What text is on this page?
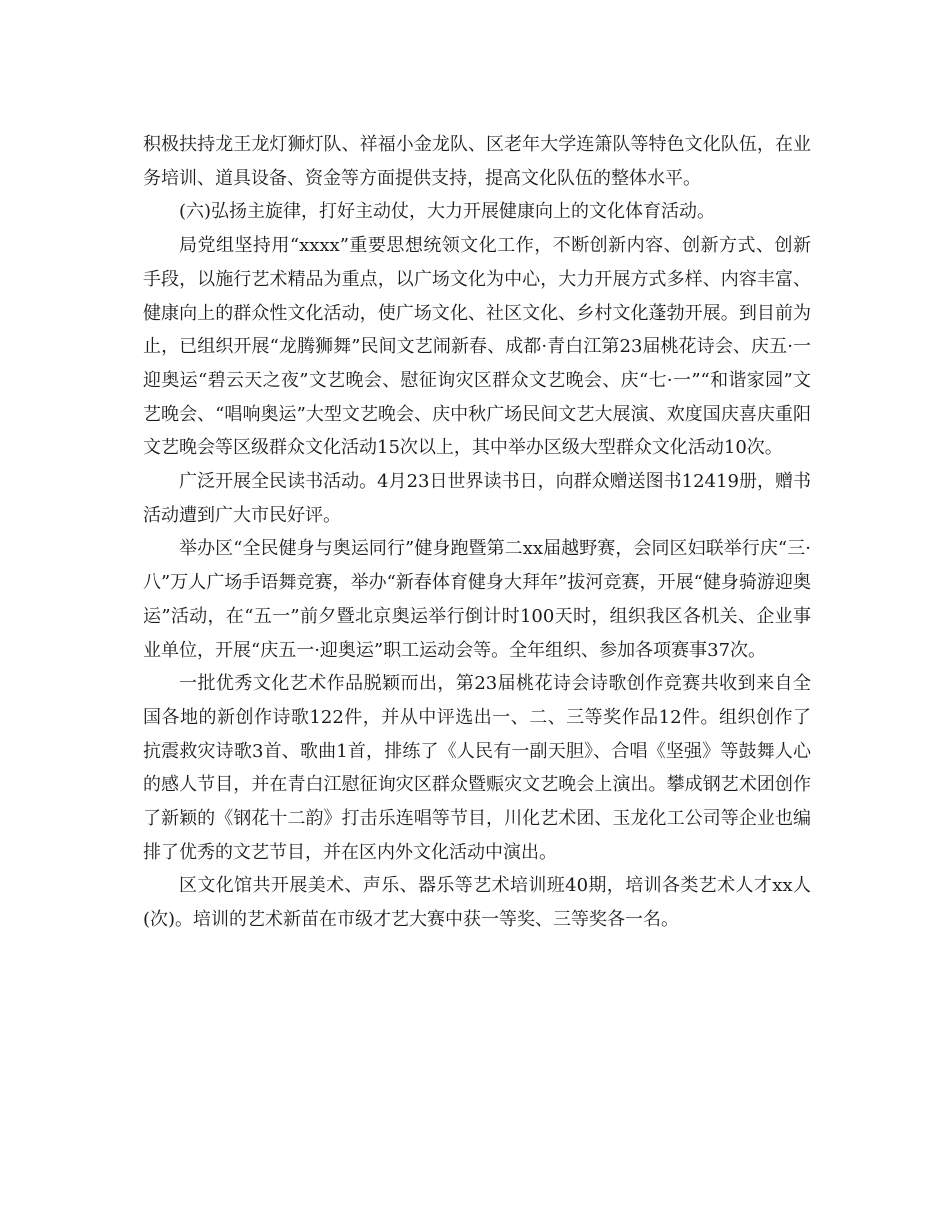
积极扶持龙王龙灯狮灯队、祥福小金龙队、区老年大学连箫队等特色文化队伍，在业务培训、道具设备、资金等方面提供支持，提高文化队伍的整体水平。

(六)弘扬主旋律，打好主动仗，大力开展健康向上的文化体育活动。

局党组坚持用“xxxx”重要思想统领文化工作，不断创新内容、创新方式、创新手段，以施行艺术精品为重点，以广场文化为中心，大力开展方式多样、内容丰富、健康向上的群众性文化活动，使广场文化、社区文化、乡村文化蓬勃开展。到目前为止，已组织开展“龙腾狮舞”民间文艺闹新春、成都·青白江第23届桃花诗会、庆五·一迎奥运“碧云天之夜”文艺晚会、慰征询灾区群众文艺晚会、庆“七·一”“和谐家园”文艺晚会、“唱响奥运”大型文艺晚会、庆中秋广场民间文艺大展演、欢度国庆喜庆重阳文艺晚会等区级群众文化活动15次以上，其中举办区级大型群众文化活动10次。

广泛开展全民读书活动。4月23日世界读书日，向群众赠送图书12419册，赠书活动遭到广大市民好评。

举办区“全民健身与奥运同行”健身跑暨第二xx届越野赛，会同区妇联举行庆“三·八”万人广场手语舞竞赛，举办“新春体育健身大拜年”拔河竞赛，开展“健身骑游迎奥运”活动，在“五一”前夕暨北京奥运举行倒计时100天时，组织我区各机关、企业事业单位，开展“庆五一·迎奥运”职工运动会等。全年组织、参加各项赛事37次。

一批优秀文化艺术作品脱颖而出，第23届桃花诗会诗歌创作竞赛共收到来自全国各地的新创作诗歌122件，并从中评选出一、二、三等奖作品12件。组织创作了抗震救灾诗歌3首、歌曲1首，排练了《人民有一副天胆》、合唱《坚强》等鼓舞人心的感人节目，并在青白江慰征询灾区群众暨赈灾文艺晚会上演出。攀成钢艺术团创作了新颖的《钢花十二韵》打击乐连唱等节目，川化艺术团、玉龙化工公司等企业也编排了优秀的文艺节目，并在区内外文化活动中演出。

区文化馆共开展美术、声乐、器乐等艺术培训班40期，培训各类艺术人才xx人(次)。培训的艺术新苗在市级才艺大赛中获一等奖、三等奖各一名。
